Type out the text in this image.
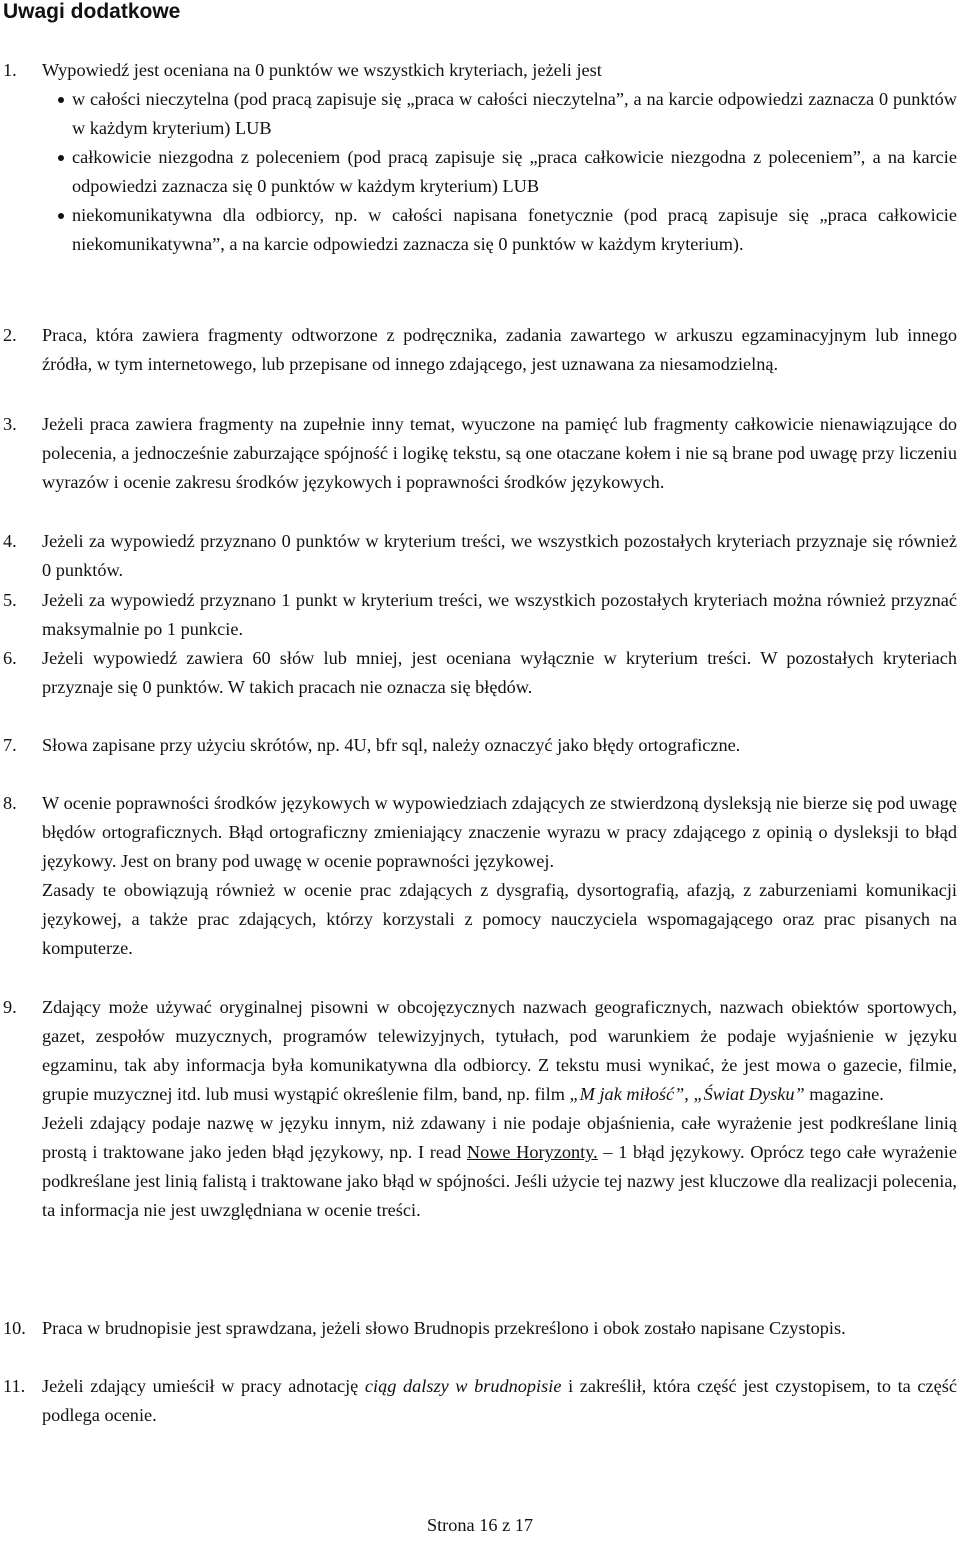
Uwagi dodatkowe
1. Wypowiedź jest oceniana na 0 punktów we wszystkich kryteriach, jeżeli jest

w całości nieczytelna (pod pracą zapisuje się „praca w całości nieczytelna”, a na karcie odpowiedzi zaznacza 0 punktów w każdym kryterium) LUB
całkowicie niezgodna z poleceniem (pod pracą zapisuje się „praca całkowicie niezgodna z poleceniem”, a na karcie odpowiedzi zaznacza się 0 punktów w każdym kryterium) LUB
niekomunikatywna dla odbiorcy, np. w całości napisana fonetycznie (pod pracą zapisuje się „praca całkowicie niekomunikatywna”, a na karcie odpowiedzi zaznacza się 0 punktów w każdym kryterium).
2. Praca, która zawiera fragmenty odtworzone z podręcznika, zadania zawartego w arkuszu egzaminacyjnym lub innego źródła, w tym internetowego, lub przepisane od innego zdającego, jest uznawana za niesamodzielną.

3. Jeżeli praca zawiera fragmenty na zupełnie inny temat, wyuczone na pamięć lub fragmenty całkowicie nienawiązujące do polecenia, a jednocześnie zaburzające spójność i logikę tekstu, są one otaczane kołem i nie są brane pod uwagę przy liczeniu wyrazów i ocenie zakresu środków językowych i poprawności środków językowych.

4. Jeżeli za wypowiedź przyznano 0 punktów w kryterium treści, we wszystkich pozostałych kryteriach przyznaje się również 0 punktów.

5. Jeżeli za wypowiedź przyznano 1 punkt w kryterium treści, we wszystkich pozostałych kryteriach można również przyznać maksymalnie po 1 punkcie.

6. Jeżeli wypowiedź zawiera 60 słów lub mniej, jest oceniana wyłącznie w kryterium treści. W pozostałych kryteriach przyznaje się 0 punktów. W takich pracach nie oznacza się błędów.

7. Słowa zapisane przy użyciu skrótów, np. 4U, bfr sql, należy oznaczyć jako błędy ortograficzne.

8. W ocenie poprawności środków językowych w wypowiedziach zdających ze stwierdzoną dysleksją nie bierze się pod uwagę błędów ortograficznych. Błąd ortograficzny zmieniający znaczenie wyrazu w pracy zdającego z opinią o dysleksji to błąd językowy. Jest on brany pod uwagę w ocenie poprawności językowej.

Zasady te obowiązują również w ocenie prac zdających z dysgrafią, dysortografią, afazją, z zaburzeniami komunikacji językowej, a także prac zdających, którzy korzystali z pomocy nauczyciela wspomagającego oraz prac pisanych na komputerze.

9. Zdający może używać oryginalnej pisowni w obcojęzycznych nazwach geograficznych, nazwach obiektów sportowych, gazet, zespołów muzycznych, programów telewizyjnych, tytułach, pod warunkiem że podaje wyjaśnienie w języku egzaminu, tak aby informacja była komunikatywna dla odbiorcy. Z tekstu musi wynikać, że jest mowa o gazecie, filmie, grupie muzycznej itd. lub musi wystąpić określenie film, band, np. film „M jak miłość”, „Świat Dysku” magazine.

Jeżeli zdający podaje nazwę w języku innym, niż zdawany i nie podaje objaśnienia, całe wyrażenie jest podkreślane linią prostą i traktowane jako jeden błąd językowy, np. I read Nowe Horyzonty. – 1 błąd językowy. Oprócz tego całe wyrażenie podkreślane jest linią falistą i traktowane jako błąd w spójności. Jeśli użycie tej nazwy jest kluczowe dla realizacji polecenia, ta informacja nie jest uwzględniana w ocenie treści.

10. Praca w brudnopisie jest sprawdzana, jeżeli słowo Brudnopis przekreślono i obok zostało napisane Czystopis.

11. Jeżeli zdający umieścił w pracy adnotację ciąg dalszy w brudnopisie i zakreślił, która część jest czystopisem, to ta część podlega ocenie.

Strona 16 z 17
